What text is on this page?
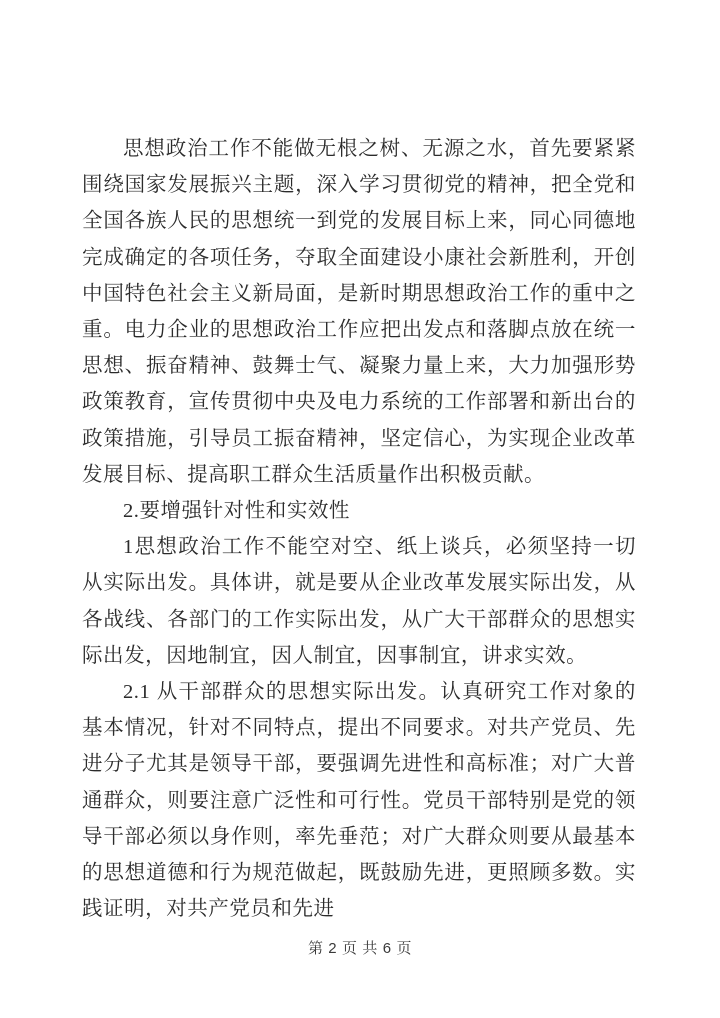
思想政治工作不能做无根之树、无源之水，首先要紧紧围绕国家发展振兴主题，深入学习贯彻党的精神，把全党和全国各族人民的思想统一到党的发展目标上来，同心同德地完成确定的各项任务，夺取全面建设小康社会新胜利，开创中国特色社会主义新局面，是新时期思想政治工作的重中之重。电力企业的思想政治工作应把出发点和落脚点放在统一思想、振奋精神、鼓舞士气、凝聚力量上来，大力加强形势政策教育，宣传贯彻中央及电力系统的工作部署和新出台的政策措施，引导员工振奋精神，坚定信心，为实现企业改革发展目标、提高职工群众生活质量作出积极贡献。

2.要增强针对性和实效性

1思想政治工作不能空对空、纸上谈兵，必须坚持一切从实际出发。具体讲，就是要从企业改革发展实际出发，从各战线、各部门的工作实际出发，从广大干部群众的思想实际出发，因地制宜，因人制宜，因事制宜，讲求实效。

2.1 从干部群众的思想实际出发。认真研究工作对象的基本情况，针对不同特点，提出不同要求。对共产党员、先进分子尤其是领导干部，要强调先进性和高标准；对广大普通群众，则要注意广泛性和可行性。党员干部特别是党的领导干部必须以身作则，率先垂范；对广大群众则要从最基本的思想道德和行为规范做起，既鼓励先进，更照顾多数。实践证明，对共产党员和先进

第 2 页 共 6 页
